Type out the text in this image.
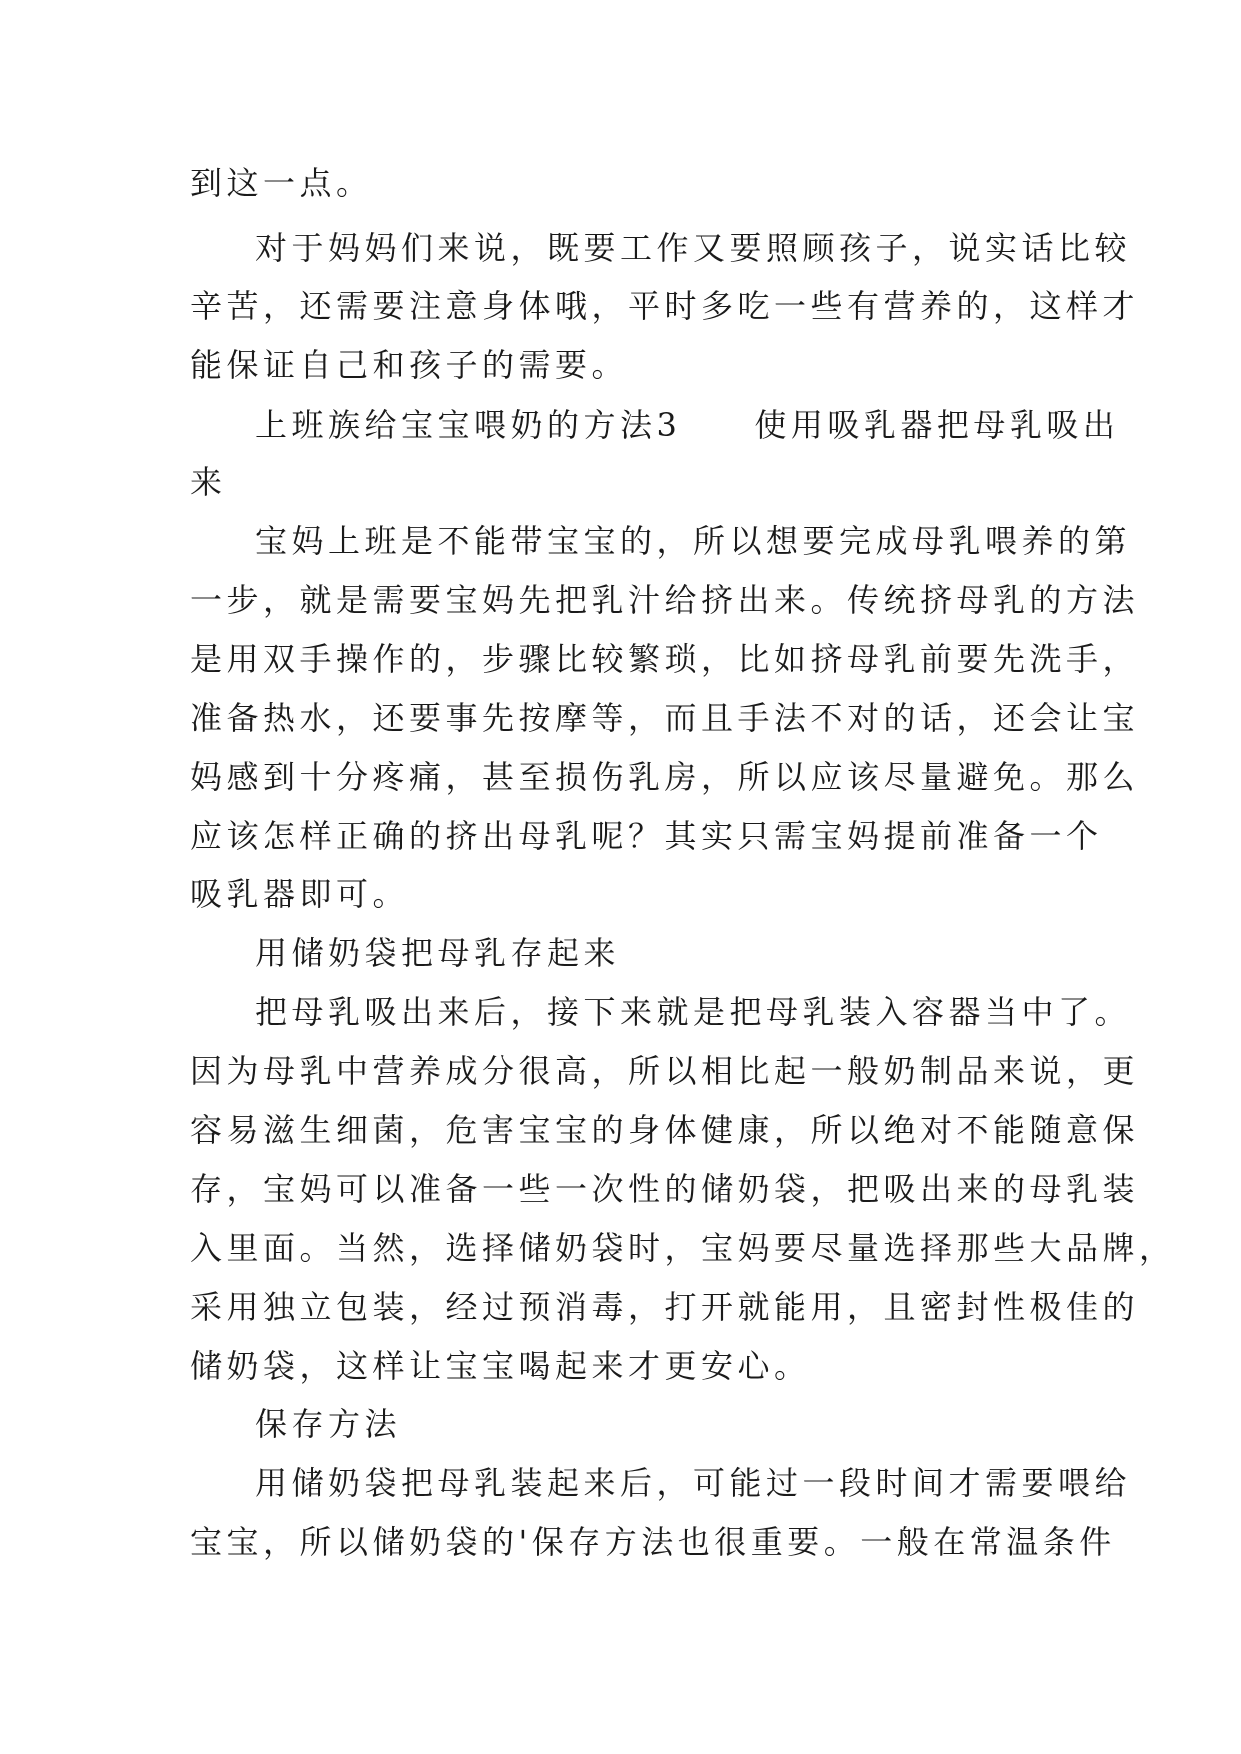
到这一点。
对于妈妈们来说，既要工作又要照顾孩子，说实话比较
辛苦，还需要注意身体哦，平时多吃一些有营养的，这样才
能保证自己和孩子的需要。
上班族给宝宝喂奶的方法3　　使用吸乳器把母乳吸出
来
宝妈上班是不能带宝宝的，所以想要完成母乳喂养的第
一步，就是需要宝妈先把乳汁给挤出来。传统挤母乳的方法
是用双手操作的，步骤比较繁琐，比如挤母乳前要先洗手，
准备热水，还要事先按摩等，而且手法不对的话，还会让宝
妈感到十分疼痛，甚至损伤乳房，所以应该尽量避免。那么
应该怎样正确的挤出母乳呢？其实只需宝妈提前准备一个
吸乳器即可。
用储奶袋把母乳存起来
把母乳吸出来后，接下来就是把母乳装入容器当中了。
因为母乳中营养成分很高，所以相比起一般奶制品来说，更
容易滋生细菌，危害宝宝的身体健康，所以绝对不能随意保
存，宝妈可以准备一些一次性的储奶袋，把吸出来的母乳装
入里面。当然，选择储奶袋时，宝妈要尽量选择那些大品牌，
采用独立包装，经过预消毒，打开就能用，且密封性极佳的
储奶袋，这样让宝宝喝起来才更安心。
保存方法
用储奶袋把母乳装起来后，可能过一段时间才需要喂给
宝宝，所以储奶袋的'保存方法也很重要。一般在常温条件
